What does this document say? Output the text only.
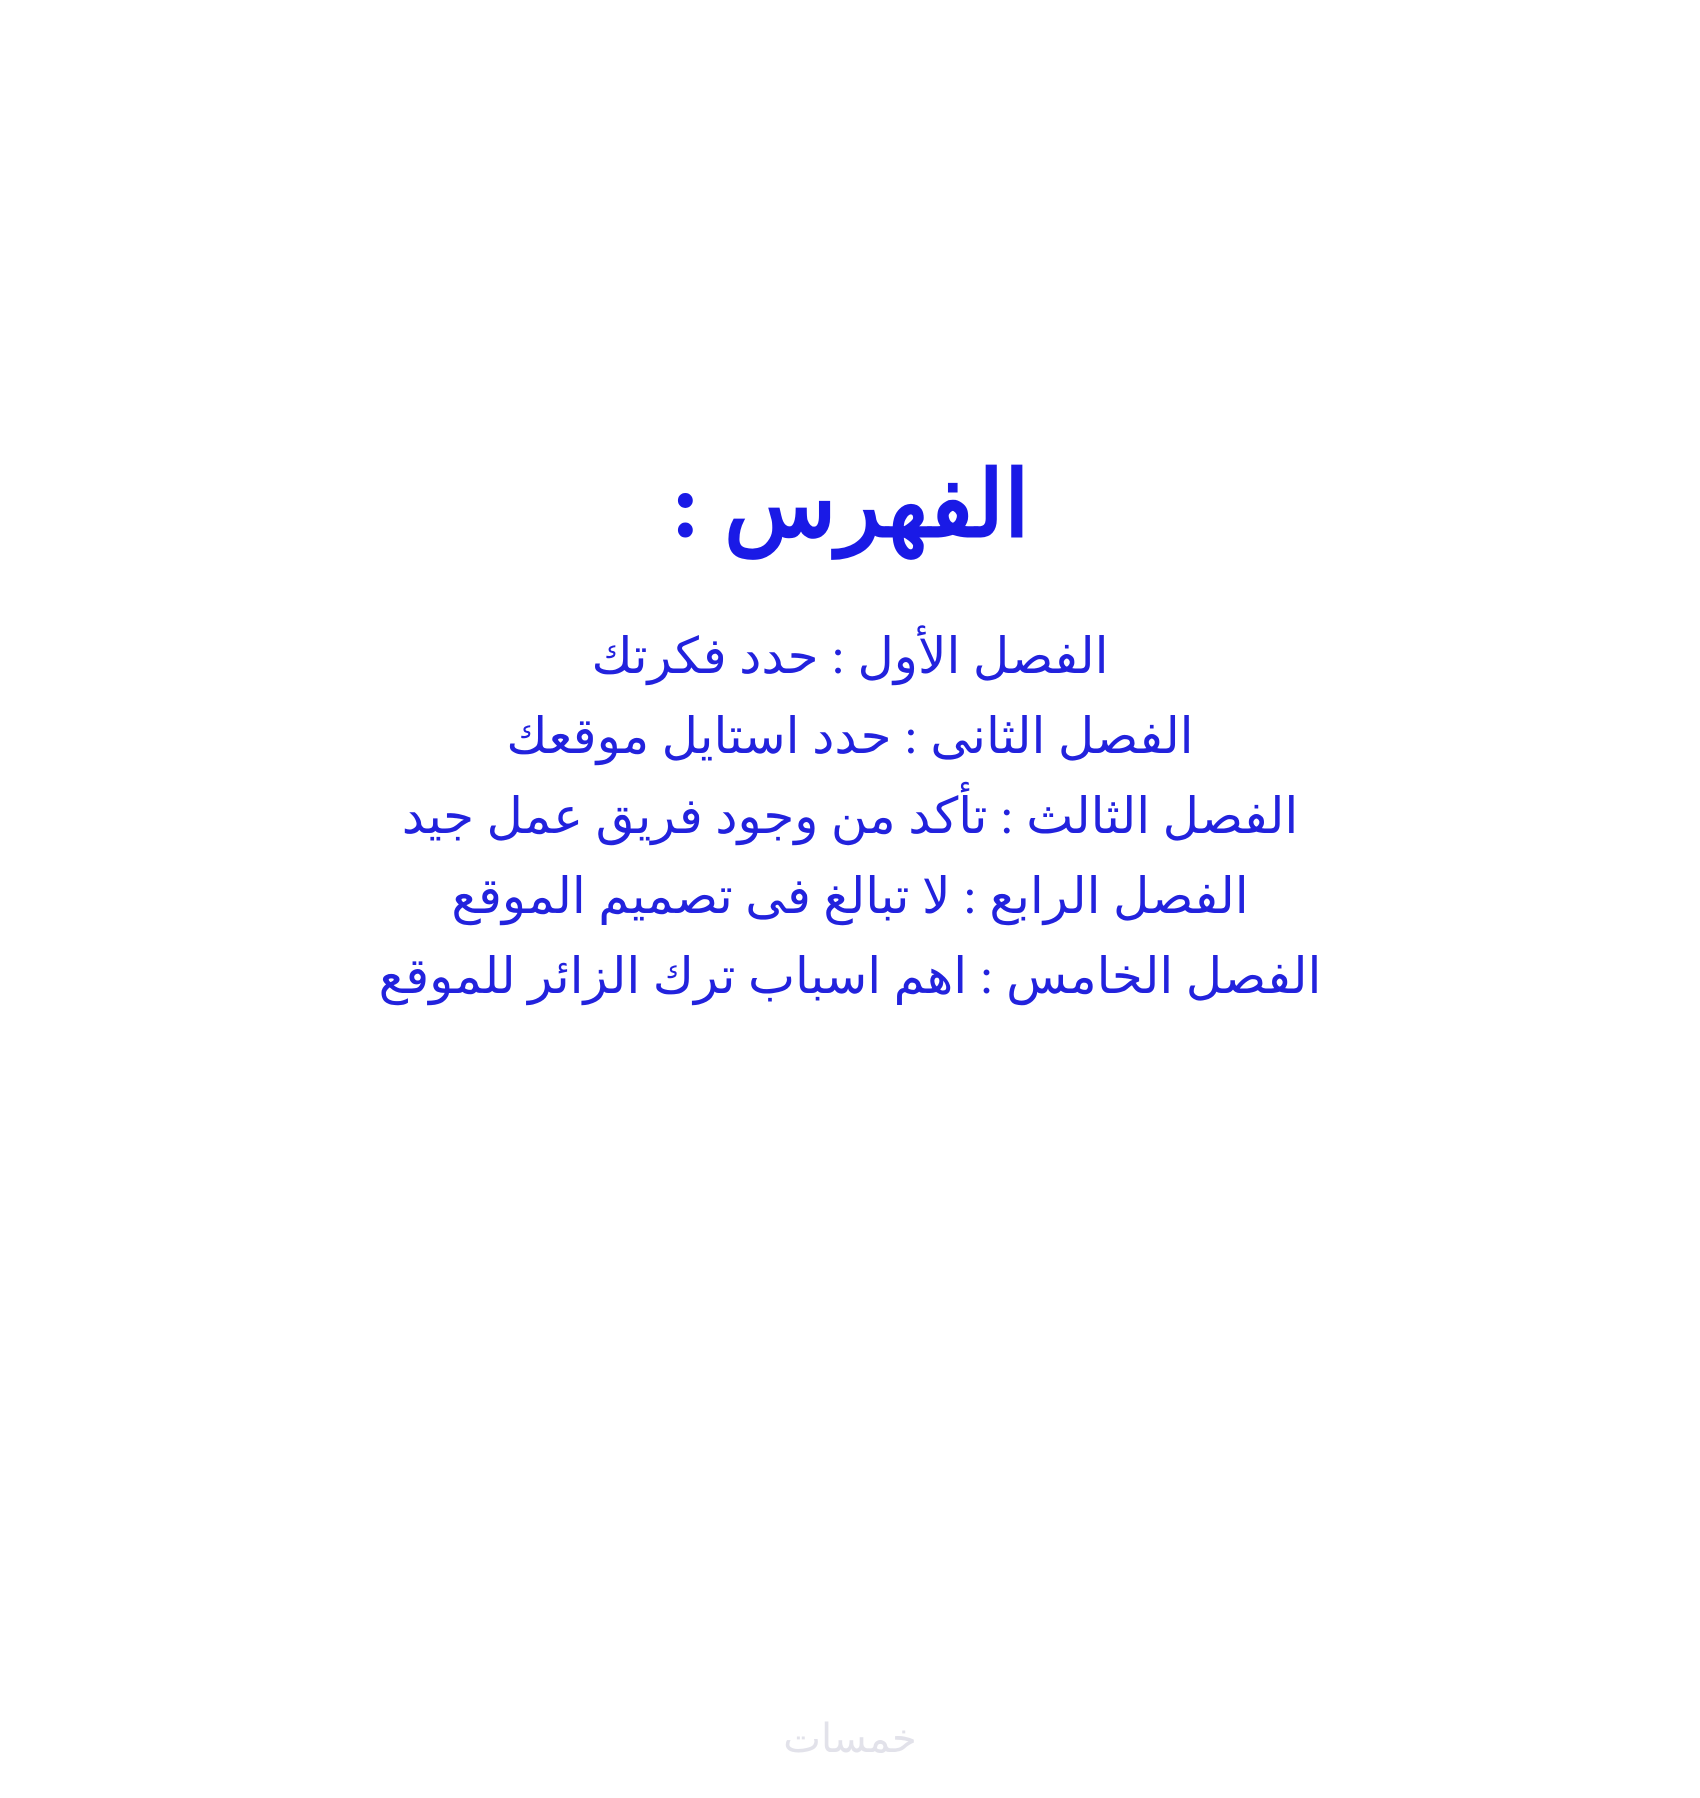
الفهرس :
الفصل الأول : حدد فكرتك
الفصل الثانى : حدد استايل موقعك
الفصل الثالث : تأكد من وجود فريق عمل جيد
الفصل الرابع : لا تبالغ فى تصميم الموقع
الفصل الخامس : اهم اسباب ترك الزائر للموقع
خمسات
